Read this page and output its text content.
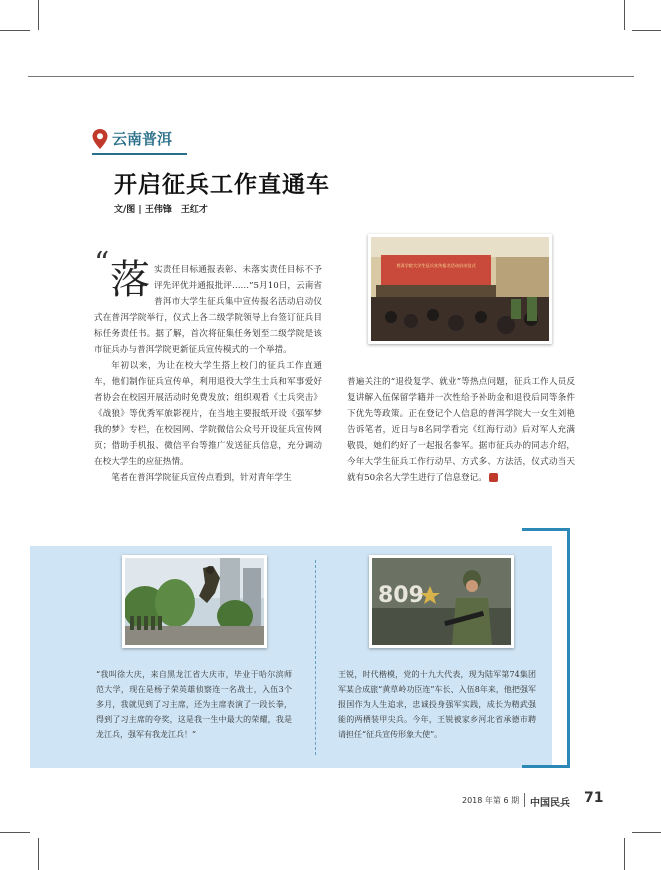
云南普洱
开启征兵工作直通车
文/图 | 王伟锋　王红才
普洱学院大学生征兵宣传报名活动启动仪式

“ 落 实责任目标通报表彰、未落实责任目标不予评先评优并通报批评……”5月10日，云南省普洱市大学生征兵集中宣传报名活动启动仪式在普洱学院举行，仪式上各二级学院领导上台签订征兵目标任务责任书。据了解，首次将征集任务划至二级学院是该市征兵办与普洱学院更新征兵宣传模式的一个举措。

年初以来，为让在校大学生搭上校门的征兵工作直通车，他们制作征兵宣传单，利用退役大学生士兵和军事爱好者协会在校园开展活动时免费发放；组织观看《士兵突击》《战狼》等优秀军旅影视片，在当地主要报纸开设《强军梦我的梦》专栏，在校园网、学院微信公众号开设征兵宣传网页；借助手机报、微信平台等推广发送征兵信息，充分调动在校大学生的应征热情。

笔者在普洱学院征兵宣传点看到，针对青年学生

普遍关注的“退役复学、就业”等热点问题，征兵工作人员反复讲解入伍保留学籍并一次性给予补助金和退役后同等条件下优先等政策。正在登记个人信息的普洱学院大一女生刘艳告诉笔者，近日与8名同学看完《红海行动》后对军人充满敬畏，她们约好了一起报名参军。据市征兵办的同志介绍，今年大学生征兵工作行动早、方式多、方法活，仪式动当天就有50余名大学生进行了信息登记。

809
“我叫徐大庆，来自黑龙江省大庆市，毕业于哈尔滨师范大学，现在是杨子荣英雄侦察连一名战士，入伍3个多月，我就见到了习主席，还为主席表演了一段长拳，得到了习主席的夸奖，这是我一生中最大的荣耀，我是龙江兵，强军有我龙江兵！”
王锐，时代楷模，党的十九大代表，现为陆军第74集团军某合成旅“黄草岭功臣连”车长、入伍8年来，他把强军报国作为人生追求，忠诚投身强军实践，成长为精武强能的两栖装甲尖兵。今年，王锐被家乡河北省承德市聘请担任“征兵宣传形象大使”。
2018 年第 6 期 中国民兵 71
